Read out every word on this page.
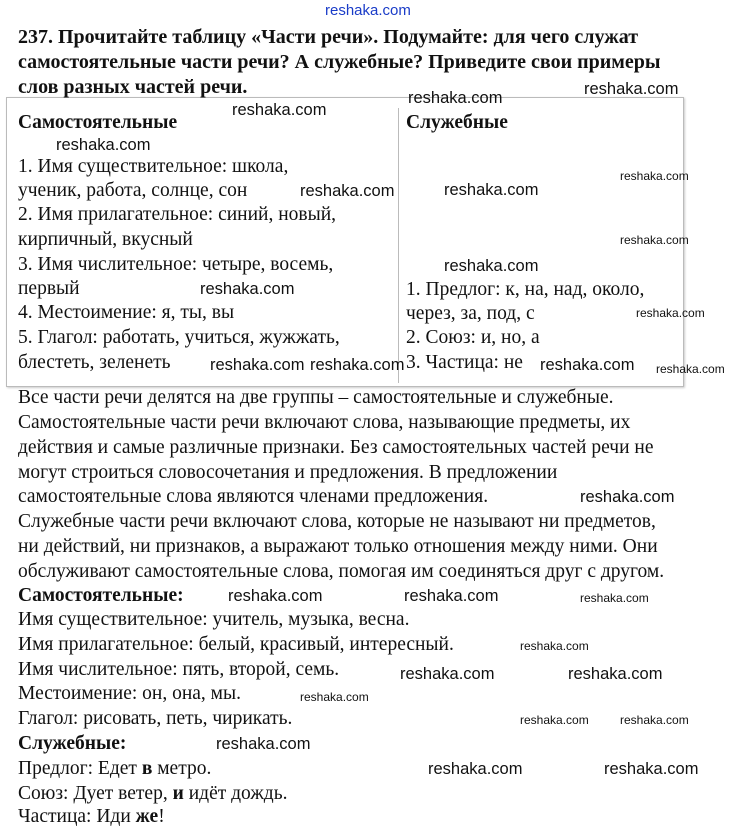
237. Прочитайте таблицу «Части речи». Подумайте: для чего служат
самостоятельные части речи? А служебные? Приведите свои примеры
слов разных частей речи.
Самостоятельные	Служебные
1. Имя существительное: школа,
ученик, работа, солнце, сон
2. Имя прилагательное: синий, новый,
кирпичный, вкусный
3. Имя числительное: четыре, восемь,
первый
4. Местоимение: я, ты, вы
5. Глагол: работать, учиться, жужжать,
блестеть, зеленеть
1. Предлог: к, на, над, около,
через, за, под, с
2. Союз: и, но, а
3. Частица: не
Все части речи делятся на две группы – самостоятельные и служебные.
Самостоятельные части речи включают слова, называющие предметы, их
действия и самые различные признаки. Без самостоятельных частей речи не
могут строиться словосочетания и предложения. В предложении
самостоятельные слова являются членами предложения.
Служебные части речи включают слова, которые не называют ни предметов,
ни действий, ни признаков, а выражают только отношения между ними. Они
обслуживают самостоятельные слова, помогая им соединяться друг с другом.
Самостоятельные:
Имя существительное: учитель, музыка, весна.
Имя прилагательное: белый, красивый, интересный.
Имя числительное: пять, второй, семь.
Местоимение: он, она, мы.
Глагол: рисовать, петь, чирикать.
Служебные:
Предлог: Едет в метро.
Союз: Дует ветер, и идёт дождь.
Частица: Иди же!
reshaka.com
reshaka.com
reshaka.com
reshaka.com
reshaka.com
reshaka.com
reshaka.com	reshaka.com
reshaka.com
reshaka.com
reshaka.com
reshaka.com
reshaka.com
reshaka.com reshaka.com	reshaka.com
reshaka.com	reshaka.com
reshaka.com
reshaka.com
reshaka.com	reshaka.com
reshaka.com
reshaka.com	reshaka.com
reshaka.com
reshaka.com
reshaka.com	reshaka.com
